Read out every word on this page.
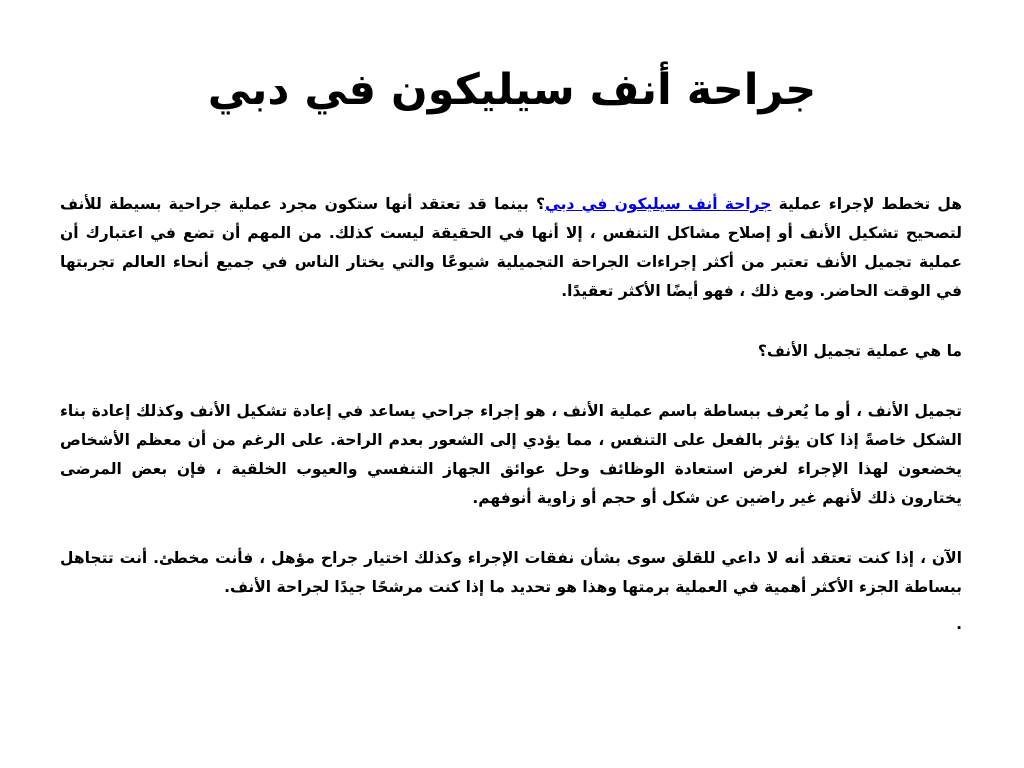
جراحة أنف سيليكون في دبي

هل تخطط لإجراء عملية جراحة أنف سيليكون في دبي؟ بينما قد تعتقد أنها ستكون مجرد عملية جراحية بسيطة للأنف لتصحيح تشكيل الأنف أو إصلاح مشاكل التنفس ، إلا أنها في الحقيقة ليست كذلك. من المهم أن تضع في اعتبارك أن عملية تجميل الأنف تعتبر من أكثر إجراءات الجراحة التجميلية شيوعًا والتي يختار الناس في جميع أنحاء العالم تجربتها في الوقت الحاضر. ومع ذلك ، فهو أيضًا الأكثر تعقيدًا.

ما هي عملية تجميل الأنف؟

تجميل الأنف ، أو ما يُعرف ببساطة باسم عملية الأنف ، هو إجراء جراحي يساعد في إعادة تشكيل الأنف وكذلك إعادة بناء الشكل خاصةً إذا كان يؤثر بالفعل على التنفس ، مما يؤدي إلى الشعور بعدم الراحة. على الرغم من أن معظم الأشخاص يخضعون لهذا الإجراء لغرض استعادة الوظائف وحل عوائق الجهاز التنفسي والعيوب الخلقية ، فإن بعض المرضى يختارون ذلك لأنهم غير راضين عن شكل أو حجم أو زاوية أنوفهم.

الآن ، إذا كنت تعتقد أنه لا داعي للقلق سوى بشأن نفقات الإجراء وكذلك اختيار جراح مؤهل ، فأنت مخطئ. أنت تتجاهل ببساطة الجزء الأكثر أهمية في العملية برمتها وهذا هو تحديد ما إذا كنت مرشحًا جيدًا لجراحة الأنف.

.
